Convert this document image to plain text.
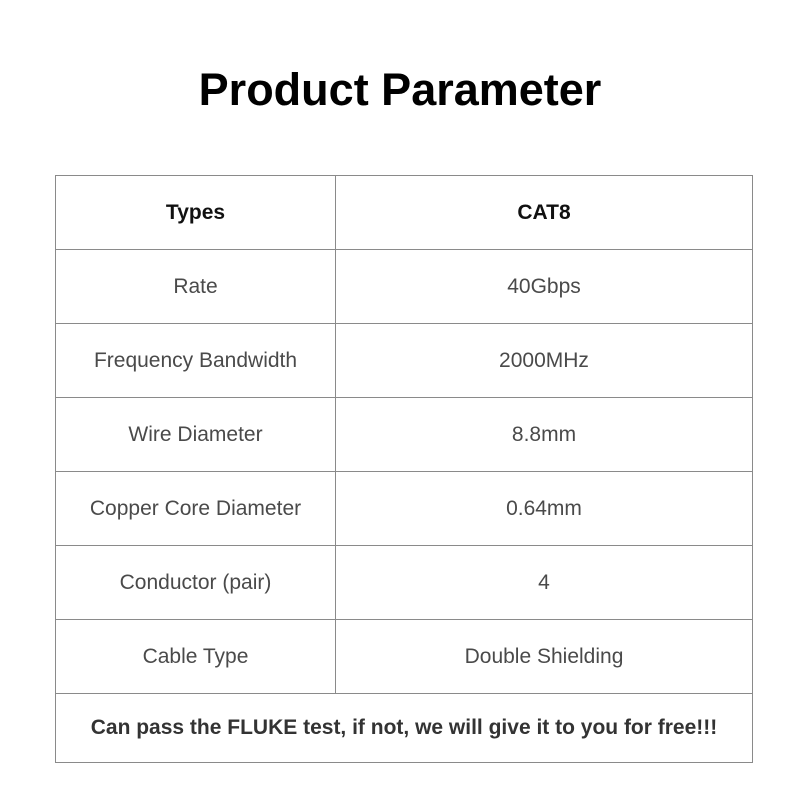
Product Parameter
Types	CAT8
Rate	40Gbps
Frequency Bandwidth	2000MHz
Wire Diameter	8.8mm
Copper Core Diameter	0.64mm
Conductor (pair)	4
Cable Type	Double Shielding
Can pass the FLUKE test, if not, we will give it to you for free!!!	
